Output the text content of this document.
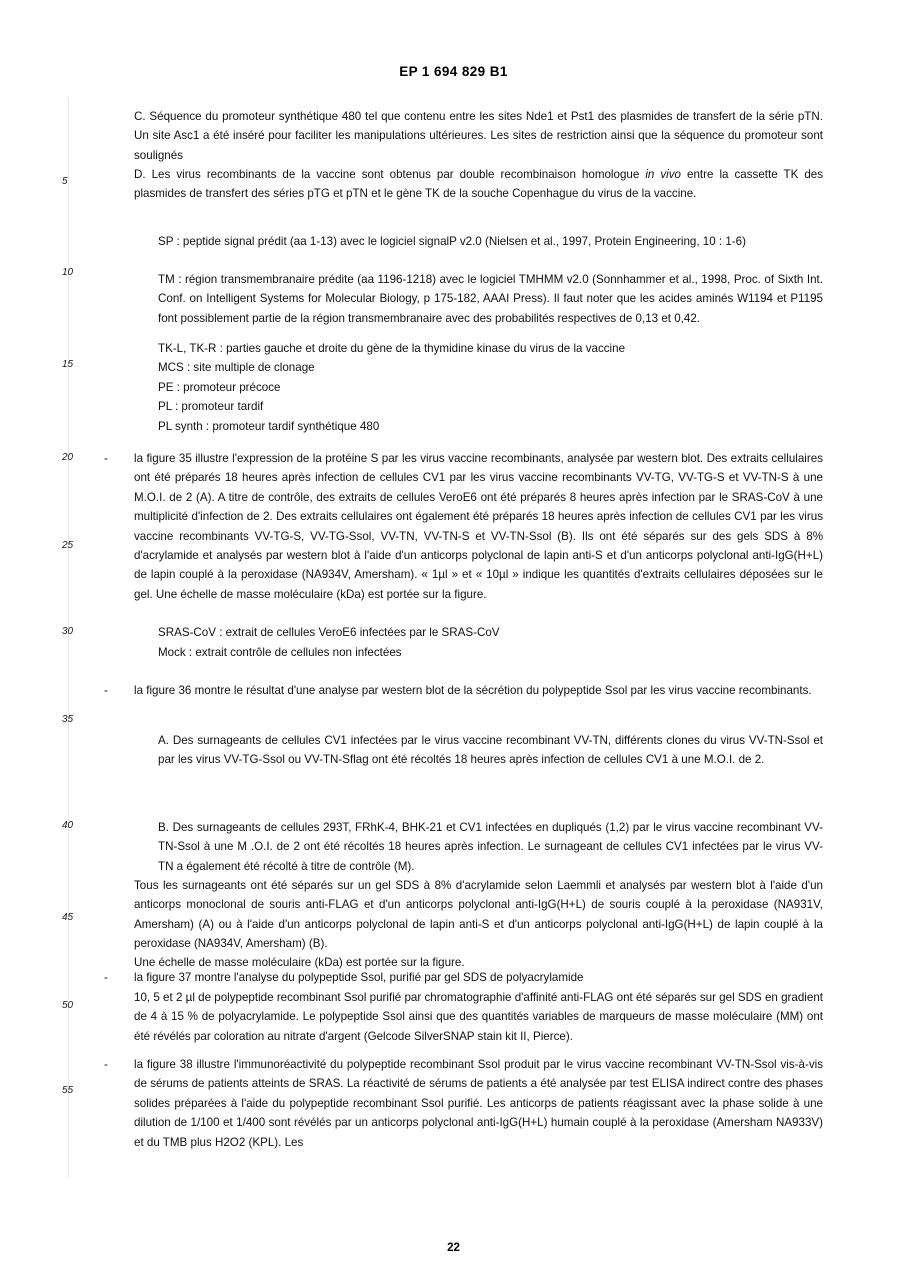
EP 1 694 829 B1
5
10
15
20
25
30
35
40
45
50
55
-
-
-
-
C. Séquence du promoteur synthétique 480 tel que contenu entre les sites Nde1 et Pst1 des plasmides de transfert de la série pTN. Un site Asc1 a été inséré pour faciliter les manipulations ultérieures. Les sites de restriction ainsi que la séquence du promoteur sont soulignés
D. Les virus recombinants de la vaccine sont obtenus par double recombinaison homologue in vivo entre la cassette TK des plasmides de transfert des séries pTG et pTN et le gène TK de la souche Copenhague du virus de la vaccine.
SP : peptide signal prédit (aa 1-13) avec le logiciel signalP v2.0 (Nielsen et al., 1997, Protein Engineering, 10 : 1-6)
TM : région transmembranaire prédite (aa 1196-1218) avec le logiciel TMHMM v2.0 (Sonnhammer et al., 1998, Proc. of Sixth Int. Conf. on Intelligent Systems for Molecular Biology, p 175-182, AAAI Press). Il faut noter que les acides aminés W1194 et P1195 font possiblement partie de la région transmembranaire avec des probabilités respectives de 0,13 et 0,42.
TK-L, TK-R : parties gauche et droite du gène de la thymidine kinase du virus de la vaccine
MCS : site multiple de clonage
PE : promoteur précoce
PL : promoteur tardif
PL synth : promoteur tardif synthétique 480
la figure 35 illustre l'expression de la protéine S par les virus vaccine recombinants, analysée par western blot. Des extraits cellulaires ont été préparés 18 heures après infection de cellules CV1 par les virus vaccine recombinants VV-TG, VV-TG-S et VV-TN-S à une M.O.I. de 2 (A). A titre de contrôle, des extraits de cellules VeroE6 ont été préparés 8 heures après infection par le SRAS-CoV à une multiplicité d'infection de 2. Des extraits cellulaires ont également été préparés 18 heures après infection de cellules CV1 par les virus vaccine recombinants VV-TG-S, VV-TG-Ssol, VV-TN, VV-TN-S et VV-TN-Ssol (B). Ils ont été séparés sur des gels SDS à 8% d'acrylamide et analysés par western blot à l'aide d'un anticorps polyclonal de lapin anti-S et d'un anticorps polyclonal anti-IgG(H+L) de lapin couplé à la peroxidase (NA934V, Amersham). « 1µl » et « 10µl » indique les quantités d'extraits cellulaires déposées sur le gel. Une échelle de masse moléculaire (kDa) est portée sur la figure.
SRAS-CoV : extrait de cellules VeroE6 infectées par le SRAS-CoV
Mock : extrait contrôle de cellules non infectées
la figure 36 montre le résultat d'une analyse par western blot de la sécrétion du polypeptide Ssol par les virus vaccine recombinants.
A. Des surnageants de cellules CV1 infectées par le virus vaccine recombinant VV-TN, différents clones du virus VV-TN-Ssol et par les virus VV-TG-Ssol ou VV-TN-Sflag ont été récoltés 18 heures après infection de cellules CV1 à une M.O.I. de 2.
B. Des surnageants de cellules 293T, FRhK-4, BHK-21 et CV1 infectées en dupliqués (1,2) par le virus vaccine recombinant VV-TN-Ssol à une M .O.I. de 2 ont été récoltés 18 heures après infection. Le surnageant de cellules CV1 infectées par le virus VV-TN a également été récolté à titre de contrôle (M).
Tous les surnageants ont été séparés sur un gel SDS à 8% d'acrylamide selon Laemmli et analysés par western blot à l'aide d'un anticorps monoclonal de souris anti-FLAG et d'un anticorps polyclonal anti-IgG(H+L) de souris couplé à la peroxidase (NA931V, Amersham) (A) ou à l'aide d'un anticorps polyclonal de lapin anti-S et d'un anticorps polyclonal anti-IgG(H+L) de lapin couplé à la peroxidase (NA934V, Amersham) (B).
Une échelle de masse moléculaire (kDa) est portée sur la figure.
la figure 37 montre l'analyse du polypeptide Ssol, purifié par gel SDS de polyacrylamide
10, 5 et 2 µl de polypeptide recombinant Ssol purifié par chromatographie d'affinité anti-FLAG ont été séparés sur gel SDS en gradient de 4 à 15 % de polyacrylamide. Le polypeptide Ssol ainsi que des quantités variables de marqueurs de masse moléculaire (MM) ont été révélés par coloration au nitrate d'argent (Gelcode SilverSNAP stain kit II, Pierce).
la figure 38 illustre l'immunoréactivité du polypeptide recombinant Ssol produit par le virus vaccine recombinant VV-TN-Ssol vis-à-vis de sérums de patients atteints de SRAS. La réactivité de sérums de patients a été analysée par test ELISA indirect contre des phases solides préparées à l'aide du polypeptide recombinant Ssol purifié. Les anticorps de patients réagissant avec la phase solide à une dilution de 1/100 et 1/400 sont révélés par un anticorps polyclonal anti-IgG(H+L) humain couplé à la peroxidase (Amersham NA933V) et du TMB plus H2O2 (KPL). Les
22
